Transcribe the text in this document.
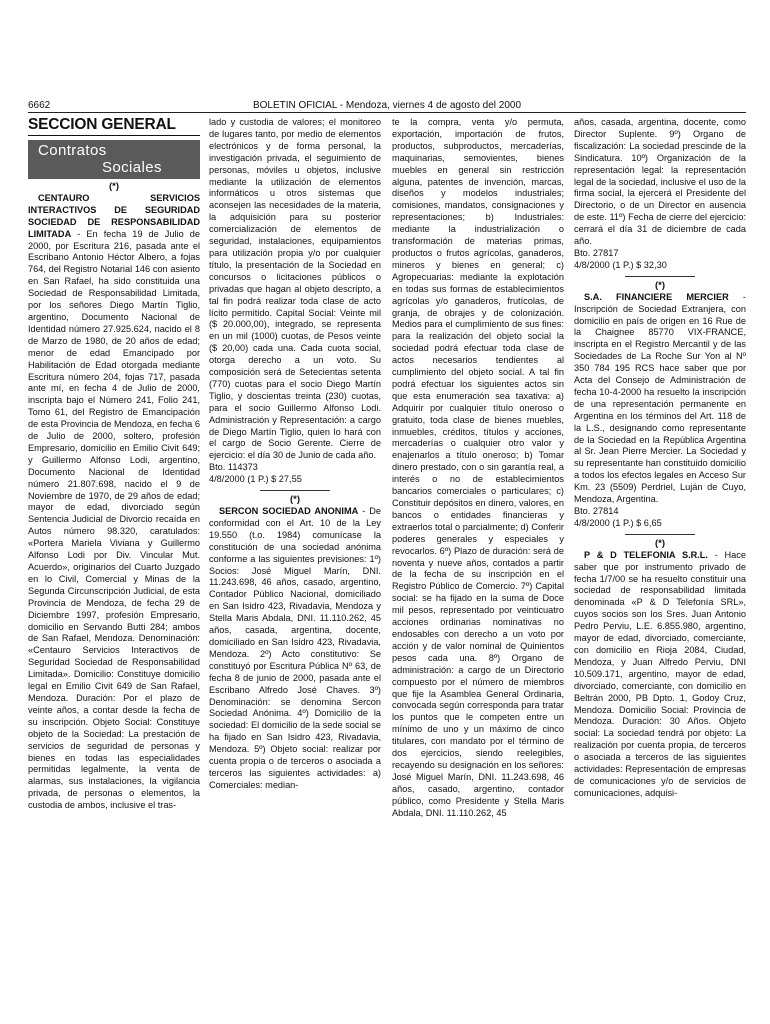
6662	BOLETIN OFICIAL - Mendoza, viernes 4 de agosto del 2000
SECCION GENERAL
Contratos
Sociales

(*)

CENTAURO SERVICIOS INTERACTIVOS DE SEGURIDAD SOCIEDAD DE RESPONSABILIDAD LIMITADA - En fecha 19 de Julio de 2000, por Escritura 216, pasada ante el Escribano Antonio Héctor Albero, a fojas 764, del Registro Notarial 146 con asiento en San Rafael, ha sido constituida una Sociedad de Responsabilidad Limitada, por los señores Diego Martín Tiglio, argentino, Documento Nacional de Identidad número 27.925.624, nacido el 8 de Marzo de 1980, de 20 años de edad; menor de edad Emancipado por Habilitación de Edad otorgada mediante Escritura número 204, fojas 717, pasada ante mí, en fecha 4 de Julio de 2000, inscripta bajo el Número 241, Folio 241, Tomo 61, del Registro de Emancipación de esta Provincia de Mendoza, en fecha 6 de Julio de 2000, soltero, profesión Empresario, domicilio en Emilio Civit 649; y Guillermo Alfonso Lodi, argentino, Documento Nacional de Identidad número 21.807.698, nacido el 9 de Noviembre de 1970, de 29 años de edad; mayor de edad, divorciado según Sentencia Judicial de Divorcio recaída en Autos número 98.320, caratulados: «Portera Mariela Viviana y Guillermo Alfonso Lodi por Div. Vincular Mut. Acuerdo», originarios del Cuarto Juzgado en lo Civil, Comercial y Minas de la Segunda Circunscripción Judicial, de esta Provincia de Mendoza, de fecha 29 de Diciembre 1997, profesión Empresario, domicilio en Servando Butti 284; ambos de San Rafael, Mendoza. Denominación: «Centauro Servicios Interactivos de Seguridad Sociedad de Responsabilidad Limitada». Domicilio: Constituye domicilio legal en Emilio Civit 649 de San Rafael, Mendoza. Duración: Por el plazo de veinte años, a contar desde la fecha de su inscripción. Objeto Social: Constituye objeto de la Sociedad: La prestación de servicios de seguridad de personas y bienes en todas las especialidades permitidas legalmente, la venta de alarmas, sus instalaciones, la vigilancia privada, de personas o elementos, la custodia de ambos, inclusive el tras-

lado y custodia de valores; el monitoreo de lugares tanto, por medio de elementos electrónicos y de forma personal, la investigación privada, el seguimiento de personas, móviles u objetos, inclusive mediante la utilización de elementos informáticos u otros sistemas que aconsejen las necesidades de la materia, la adquisición para su posterior comercialización de elementos de seguridad, instalaciones, equipamientos para utilización propia y/o por cualquier título, la presentación de la Sociedad en concursos o licitaciones públicos o privadas que hagan al objeto descripto, a tal fin podrá realizar toda clase de acto lícito permitido. Capital Social: Veinte mil ($ 20.000,00), integrado, se representa en un mil (1000) cuotas, de Pesos veinte ($ 20,00) cada una. Cada cuota social, otorga derecho a un voto. Su composición será de Setecientas setenta (770) cuotas para el socio Diego Martín Tiglio, y doscientas treinta (230) cuotas, para el socio Guillermo Alfonso Lodi. Administración y Representación: a cargo de Diego Martín Tiglio, quien lo hará con el cargo de Socio Gerente. Cierre de ejercicio: el día 30 de Junio de cada año.

Bto. 114373

4/8/2000 (1 P.) $ 27,55

(*)

SERCON SOCIEDAD ANONIMA - De conformidad con el Art. 10 de la Ley 19.550 (t.o. 1984) comunícase la constitución de una sociedad anónima conforme a las siguientes previsiones: 1º) Socios: José Miguel Marín, DNI. 11.243.698, 46 años, casado, argentino, Contador Público Nacional, domiciliado en San Isidro 423, Rivadavia, Mendoza y Stella Maris Abdala, DNI. 11.110.262, 45 años, casada, argentina, docente, domiciliado en San Isidro 423, Rivadavia, Mendoza. 2º) Acto constitutivo: Se constituyó por Escritura Pública Nº 63, de fecha 8 de junio de 2000, pasada ante el Escribano Alfredo José Chaves. 3º) Denominación: se denomina Sercon Sociedad Anónima. 4º) Domicilio de la sociedad: El domicilio de la sede social se ha fijado en San Isidro 423, Rivadavia, Mendoza. 5º) Objeto social: realizar por cuenta propia o de terceros o asociada a terceros las siguientes actividades: a) Comerciales: median-

te la compra, venta y/o permuta, exportación, importación de frutos, productos, subproductos, mercaderías, maquinarias, semovientes, bienes muebles en general sin restricción alguna, patentes de invención, marcas, diseños y modelos industriales; comisiones, mandatos, consignaciones y representaciones; b) Industriales: mediante la industrialización o transformación de materias primas, productos o frutos agrícolas, ganaderos, mineros y bienes en general; c) Agropecuarias: mediante la explotación en todas sus formas de establecimientos agrícolas y/o ganaderos, frutícolas, de granja, de obrajes y de colonización. Medios para el cumplimiento de sus fines: para la realización del objeto social la sociedad podrá efectuar toda clase de actos necesarios tendientes al cumplimiento del objeto social. A tal fin podrá efectuar los siguientes actos sin que esta enumeración sea taxativa: a) Adquirir por cualquier título oneroso o gratuito, toda clase de bienes muebles, inmuebles, créditos, títulos y acciones, mercaderías o cualquier otro valor y enajenarlos a título oneroso; b) Tomar dinero prestado, con o sin garantía real, a interés o no de establecimientos bancarios comerciales o particulares; c) Constituir depósitos en dinero, valores, en bancos o entidades financieras y extraerlos total o parcialmente; d) Conferir poderes generales y especiales y revocarlos. 6º) Plazo de duración: será de noventa y nueve años, contados a partir de la fecha de su inscripción en el Registro Público de Comercio. 7º) Capital social: se ha fijado en la suma de Doce mil pesos, representado por veinticuatro acciones ordinarias nominativas no endosables con derecho a un voto por acción y de valor nominal de Quinientos pesos cada una. 8º) Organo de administración: a cargo de un Directorio compuesto por el número de miembros que fije la Asamblea General Ordinaria, convocada según corresponda para tratar los puntos que le competen entre un mínimo de uno y un máximo de cinco titulares, con mandato por el término de dos ejercicios, siendo reelegibles, recayendo su designación en los señores: José Miguel Marín, DNI. 11.243.698, 46 años, casado, argentino, contador público, como Presidente y Stella Maris Abdala, DNI. 11.110.262, 45

años, casada, argentina, docente, como Director Suplente. 9º) Organo de fiscalización: La sociedad prescinde de la Sindicatura. 10º) Organización de la representación legal: la representación legal de la sociedad, inclusive el uso de la firma social, la ejercerá el Presidente del Directorio, o de un Director en ausencia de este. 11º) Fecha de cierre del ejercicio: cerrará el día 31 de diciembre de cada año.

Bto. 27817

4/8/2000 (1 P.) $ 32,30

(*)

S.A. FINANCIERE MERCIER - Inscripción de Sociedad Extranjera, con domicilio en país de origen en 16 Rue de la Chaignee 85770 VIX-FRANCE, inscripta en el Registro Mercantil y de las Sociedades de La Roche Sur Yon al Nº 350 784 195 RCS hace saber que por Acta del Consejo de Administración de fecha 10-4-2000 ha resuelto la inscripción de una representación permanente en Argentina en los términos del Art. 118 de la L.S., designando como representante de la Sociedad en la República Argentina al Sr. Jean Pierre Mercier. La Sociedad y su representante han constituido domicilio a todos los efectos legales en Acceso Sur Km. 23 (5509) Perdriel, Luján de Cuyo, Mendoza, Argentina.

Bto. 27814

4/8/2000 (1 P.) $ 6,65

(*)

P & D TELEFONIA S.R.L. - Hace saber que por instrumento privado de fecha 1/7/00 se ha resuelto constituir una sociedad de responsabilidad limitada denominada «P & D Telefonía SRL», cuyos socios son los Sres. Juan Antonio Pedro Perviu, L.E. 6.855.980, argentino, mayor de edad, divorciado, comerciante, con domicilio en Rioja 2084, Ciudad, Mendoza, y Juan Alfredo Perviu, DNI 10.509.171, argentino, mayor de edad, divorciado, comerciante, con domicilio en Beltrán 2000, PB Dpto. 1, Godoy Cruz, Mendoza. Domicilio Social: Provincia de Mendoza. Duración: 30 Años. Objeto social: La sociedad tendrá por objeto: La realización por cuenta propia, de terceros o asociada a terceros de las siguientes actividades: Representación de empresas de comunicaciones y/o de servicios de comunicaciones, adquisi-
